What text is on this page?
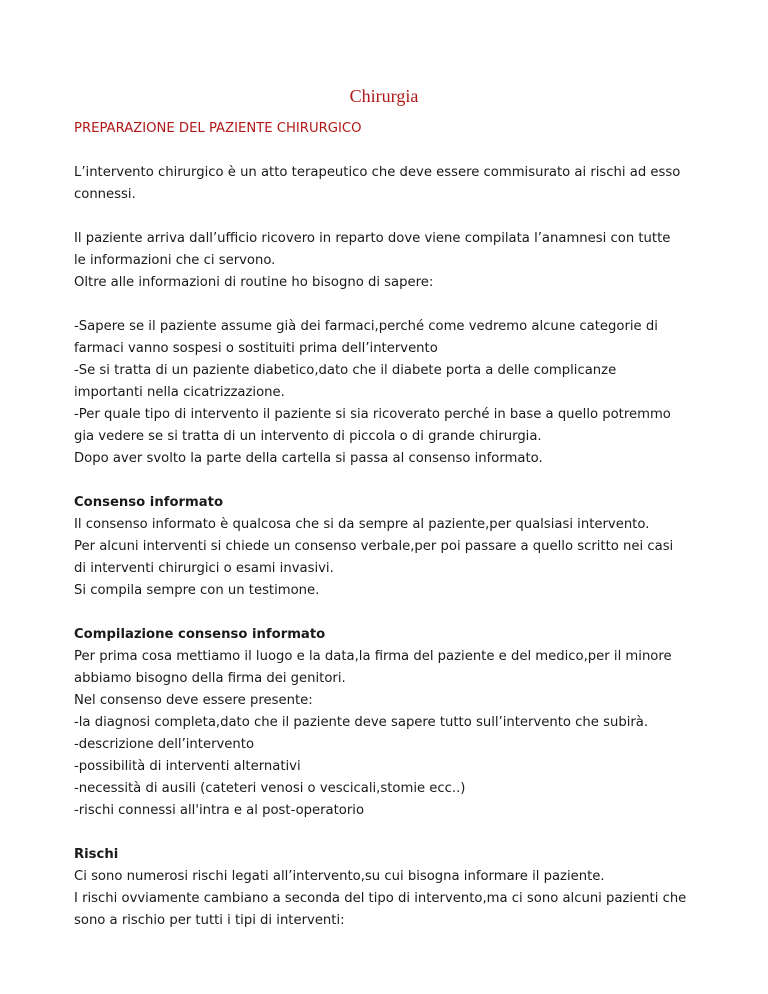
Chirurgia

PREPARAZIONE DEL PAZIENTE CHIRURGICO

L’intervento chirurgico è un atto terapeutico che deve essere commisurato ai rischi ad esso

connessi.

Il paziente arriva dall’ufficio ricovero in reparto dove viene compilata l’anamnesi con tutte

le informazioni che ci servono.

Oltre alle informazioni di routine ho bisogno di sapere:

-Sapere se il paziente assume già dei farmaci,perché come vedremo alcune categorie di

farmaci vanno sospesi o sostituiti prima dell’intervento

-Se si tratta di un paziente diabetico,dato che il diabete porta a delle complicanze

importanti nella cicatrizzazione.

-Per quale tipo di intervento il paziente si sia ricoverato perché in base a quello potremmo

gia vedere se si tratta di un intervento di piccola o di grande chirurgia.

Dopo aver svolto la parte della cartella si passa al consenso informato.

Consenso informato

Il consenso informato è qualcosa che si da sempre al paziente,per qualsiasi intervento.

Per alcuni interventi si chiede un consenso verbale,per poi passare a quello scritto nei casi

di interventi chirurgici o esami invasivi.

Si compila sempre con un testimone.

Compilazione consenso informato

Per prima cosa mettiamo il luogo e la data,la firma del paziente e del medico,per il minore

abbiamo bisogno della firma dei genitori.

Nel consenso deve essere presente:

-la diagnosi completa,dato che il paziente deve sapere tutto sull’intervento che subirà.

-descrizione dell’intervento

-possibilità di interventi alternativi

-necessità di ausili (cateteri venosi o vescicali,stomie ecc..)

-rischi connessi all'intra e al post-operatorio

Rischi

Ci sono numerosi rischi legati all’intervento,su cui bisogna informare il paziente.

I rischi ovviamente cambiano a seconda del tipo di intervento,ma ci sono alcuni pazienti che

sono a rischio per tutti i tipi di interventi:
